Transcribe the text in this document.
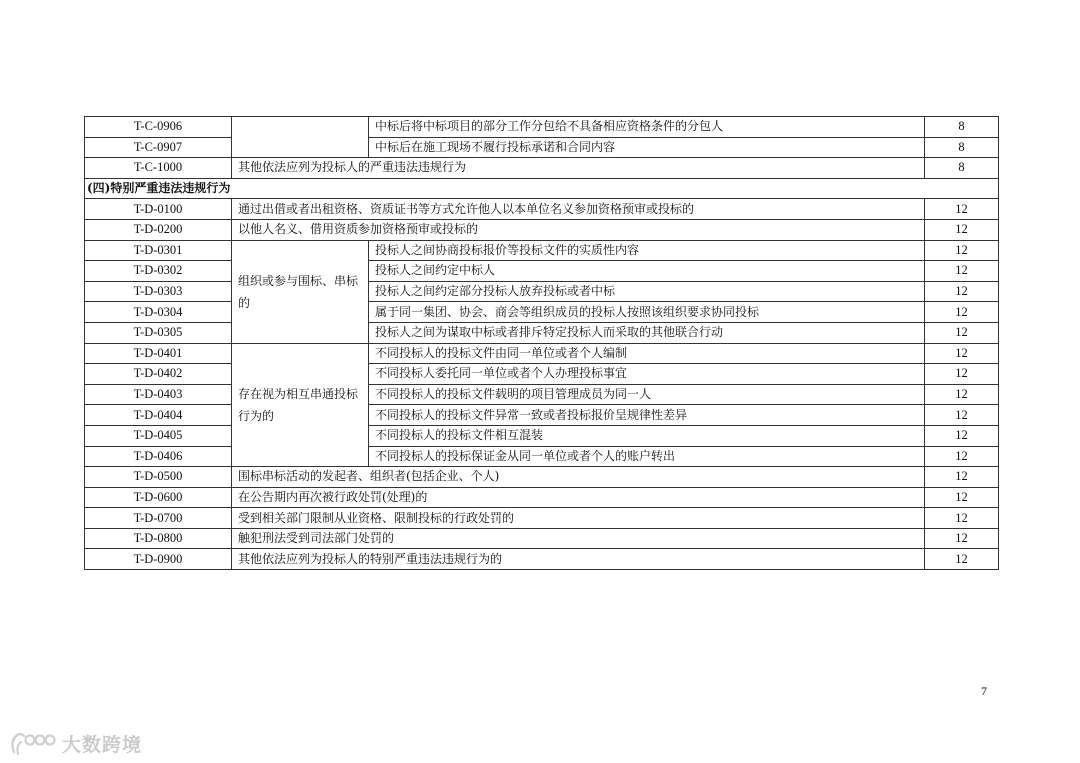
T-C-0906		中标后将中标项目的部分工作分包给不具备相应资格条件的分包人	8
T-C-0907		中标后在施工现场不履行投标承诺和合同内容	8
T-C-1000	其他依法应列为投标人的严重违法违规行为		8
(四)特别严重违法违规行为			
T-D-0100	通过出借或者出租资格、资质证书等方式允许他人以本单位名义参加资格预审或投标的		12
T-D-0200	以他人名义、借用资质参加资格预审或投标的		12
T-D-0301	组织或参与围标、串标的	投标人之间协商投标报价等投标文件的实质性内容	12
T-D-0302		投标人之间约定中标人	12
T-D-0303		投标人之间约定部分投标人放弃投标或者中标	12
T-D-0304		属于同一集团、协会、商会等组织成员的投标人按照该组织要求协同投标	12
T-D-0305		投标人之间为谋取中标或者排斥特定投标人而采取的其他联合行动	12
T-D-0401	存在视为相互串通投标行为的	不同投标人的投标文件由同一单位或者个人编制	12
T-D-0402		不同投标人委托同一单位或者个人办理投标事宜	12
T-D-0403		不同投标人的投标文件载明的项目管理成员为同一人	12
T-D-0404		不同投标人的投标文件异常一致或者投标报价呈规律性差异	12
T-D-0405		不同投标人的投标文件相互混装	12
T-D-0406		不同投标人的投标保证金从同一单位或者个人的账户转出	12
T-D-0500	围标串标活动的发起者、组织者(包括企业、个人)		12
T-D-0600	在公告期内再次被行政处罚(处理)的		12
T-D-0700	受到相关部门限制从业资格、限制投标的行政处罚的		12
T-D-0800	触犯刑法受到司法部门处罚的		12
T-D-0900	其他依法应列为投标人的特别严重违法违规行为的		12
7
大数跨境
